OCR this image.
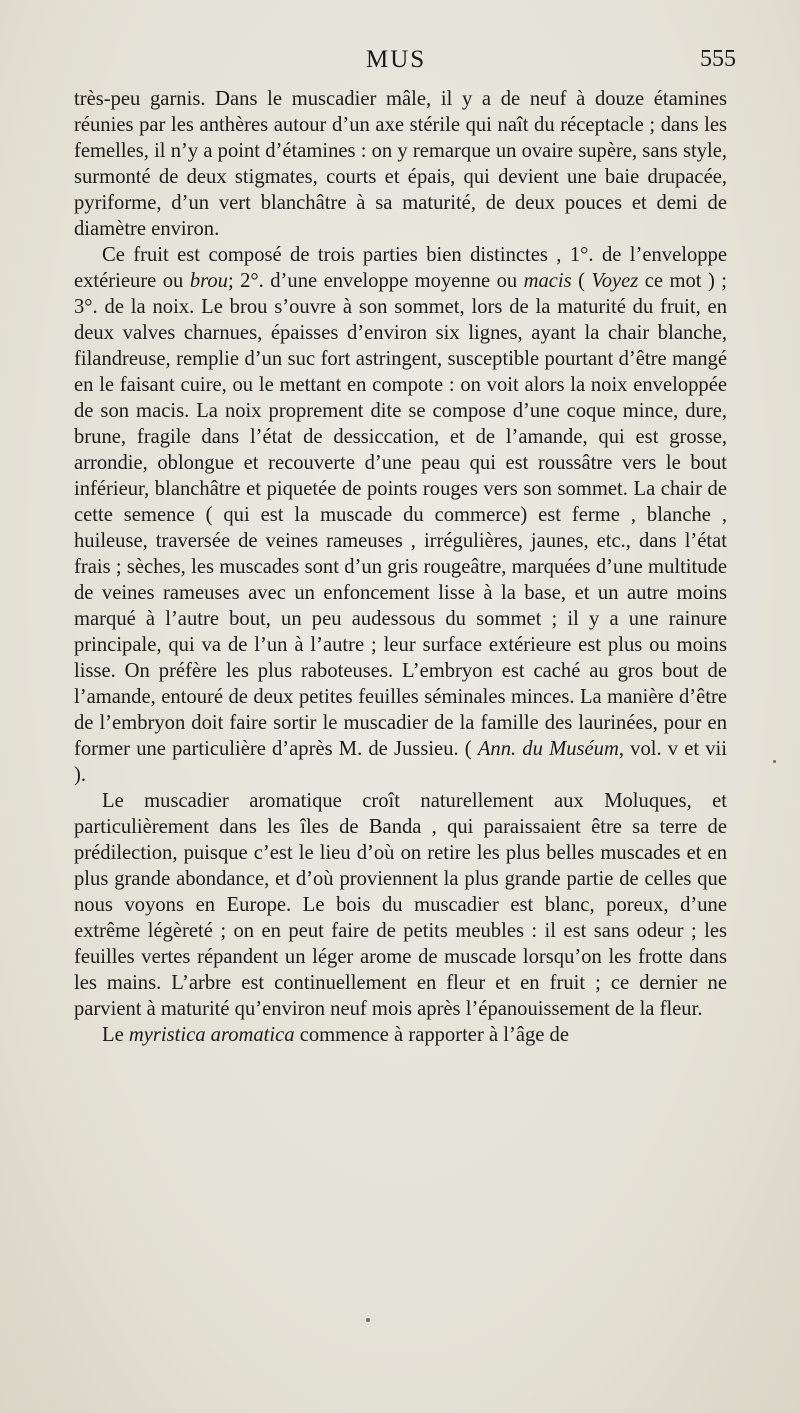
MUS	555

très-peu garnis. Dans le muscadier mâle, il y a de neuf à douze étamines réunies par les anthères autour d’un axe stérile qui naît du réceptacle ; dans les femelles, il n’y a point d’étamines : on y remarque un ovaire supère, sans style, surmonté de deux stigmates, courts et épais, qui devient une baie drupacée, pyriforme, d’un vert blanchâtre à sa maturité, de deux pouces et demi de diamètre environ.

Ce fruit est composé de trois parties bien distinctes , 1°. de l’enveloppe extérieure ou brou; 2°. d’une enveloppe moyenne ou macis ( Voyez ce mot ) ; 3°. de la noix. Le brou s’ouvre à son sommet, lors de la maturité du fruit, en deux valves charnues, épaisses d’environ six lignes, ayant la chair blanche, filandreuse, remplie d’un suc fort astringent, susceptible pourtant d’être mangé en le faisant cuire, ou le mettant en compote : on voit alors la noix enveloppée de son macis. La noix proprement dite se compose d’une coque mince, dure, brune, fragile dans l’état de dessiccation, et de l’amande, qui est grosse, arrondie, oblongue et recouverte d’une peau qui est roussâtre vers le bout inférieur, blanchâtre et piquetée de points rouges vers son sommet. La chair de cette semence ( qui est la muscade du commerce) est ferme , blanche , huileuse, traversée de veines rameuses , irrégulières, jaunes, etc., dans l’état frais ; sèches, les muscades sont d’un gris rougeâtre, marquées d’une multitude de veines rameuses avec un enfoncement lisse à la base, et un autre moins marqué à l’autre bout, un peu audessous du sommet ; il y a une rainure principale, qui va de l’un à l’autre ; leur surface extérieure est plus ou moins lisse. On préfère les plus raboteuses. L’embryon est caché au gros bout de l’amande, entouré de deux petites feuilles séminales minces. La manière d’être de l’embryon doit faire sortir le muscadier de la famille des laurinées, pour en former une particulière d’après M. de Jussieu. ( Ann. du Muséum, vol. v et vii ).

Le muscadier aromatique croît naturellement aux Moluques, et particulièrement dans les îles de Banda , qui paraissaient être sa terre de prédilection, puisque c’est le lieu d’où on retire les plus belles muscades et en plus grande abondance, et d’où proviennent la plus grande partie de celles que nous voyons en Europe. Le bois du muscadier est blanc, poreux, d’une extrême légèreté ; on en peut faire de petits meubles : il est sans odeur ; les feuilles vertes répandent un léger arome de muscade lorsqu’on les frotte dans les mains. L’arbre est continuellement en fleur et en fruit ; ce dernier ne parvient à maturité qu’environ neuf mois après l’épanouissement de la fleur.

Le myristica aromatica commence à rapporter à l’âge de
